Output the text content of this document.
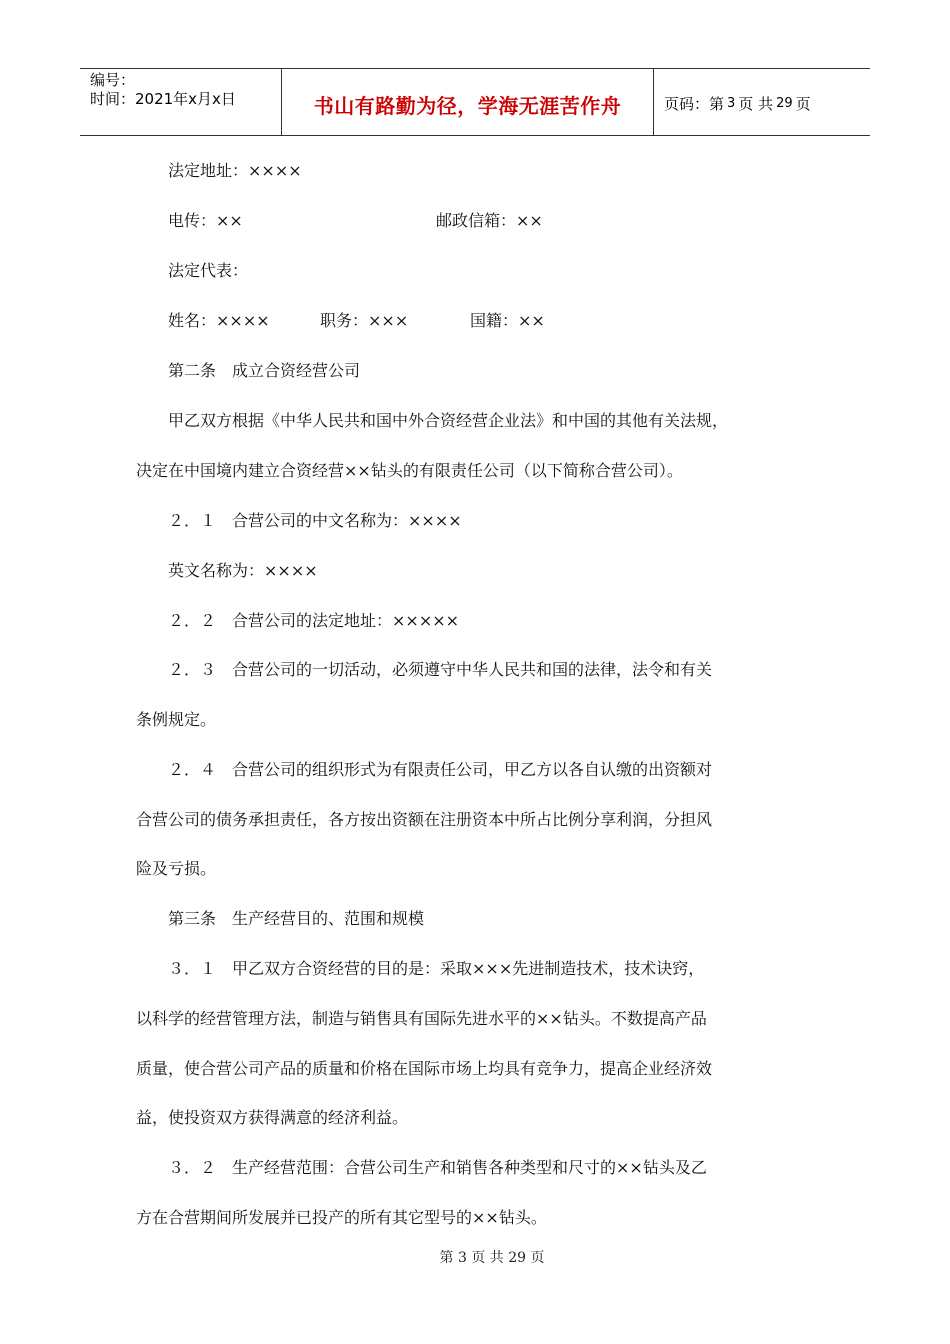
编号：
时间：2021年x月x日	书山有路勤为径，学海无涯苦作舟	页码：第 3 页 共 29 页
法定地址：××××
电传：××	邮政信箱：××
法定代表：
姓名：××××	职务：×××	国籍：××
第二条　成立合资经营公司
甲乙双方根据《中华人民共和国中外合资经营企业法》和中国的其他有关法规，
决定在中国境内建立合资经营××钻头的有限责任公司（以下简称合营公司）。
２．１　合营公司的中文名称为：××××
英文名称为：××××
２．２　合营公司的法定地址：×××××
２．３　合营公司的一切活动，必须遵守中华人民共和国的法律，法令和有关
条例规定。
２．４　合营公司的组织形式为有限责任公司，甲乙方以各自认缴的出资额对
合营公司的债务承担责任，各方按出资额在注册资本中所占比例分享利润，分担风
险及亏损。
第三条　生产经营目的、范围和规模
３．１　甲乙双方合资经营的目的是：采取×××先进制造技术，技术诀窍，
以科学的经营管理方法，制造与销售具有国际先进水平的××钻头。不数提高产品
质量，使合营公司产品的质量和价格在国际市场上均具有竞争力，提高企业经济效
益，使投资双方获得满意的经济利益。
３．２　生产经营范围：合营公司生产和销售各种类型和尺寸的××钻头及乙
方在合营期间所发展并已投产的所有其它型号的××钻头。
第 3 页 共 29 页
